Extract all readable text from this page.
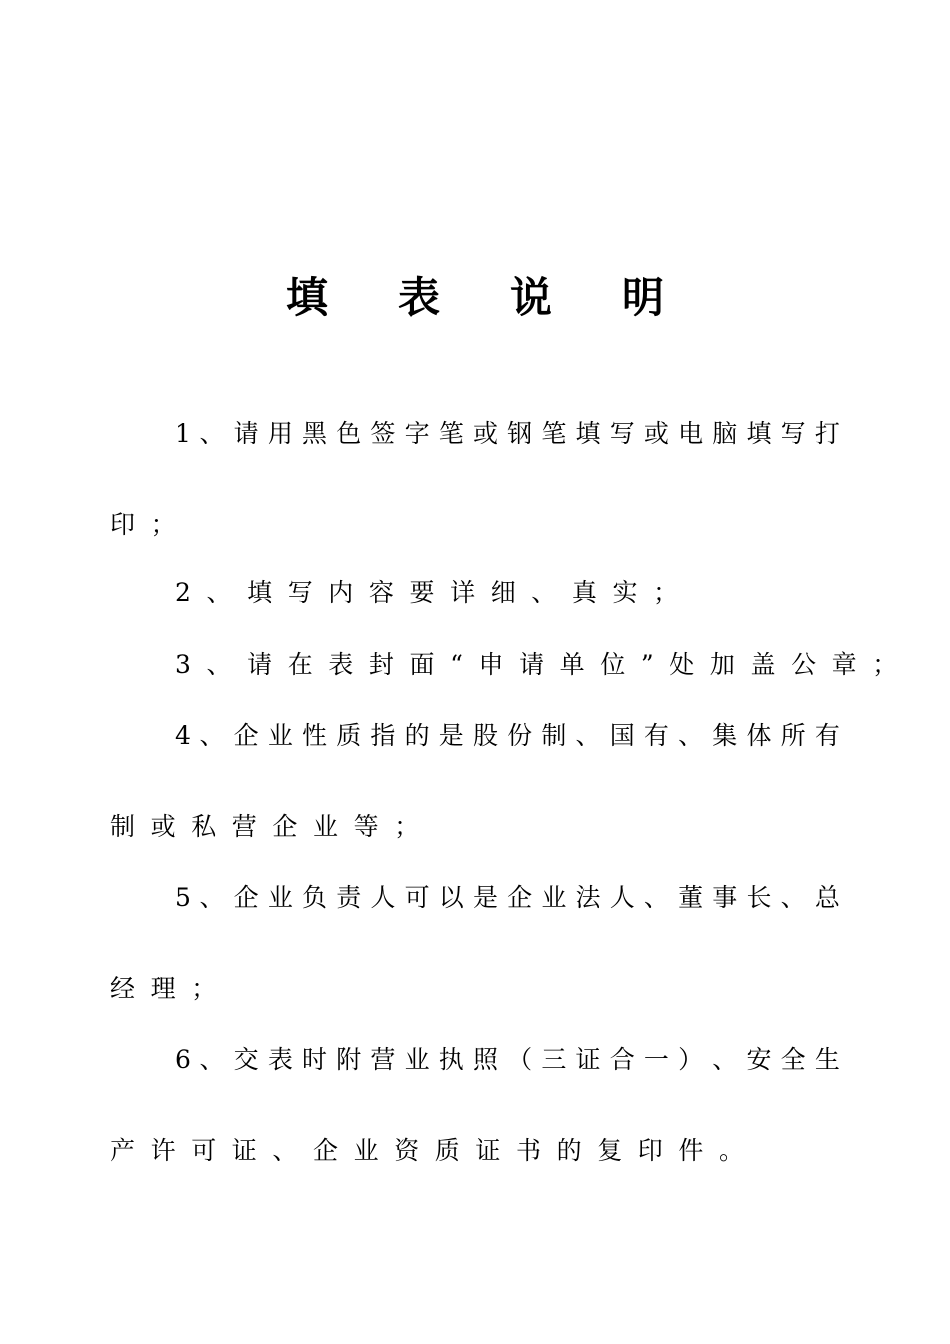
填表说明
1 、 请 用 黑 色 签 字 笔 或 钢 笔 填 写 或 电 脑 填 写 打
印；
2、填写内容要详细、真实；
3、请在表封面“申请单位”处加盖公章；
4 、 企 业 性 质 指 的 是 股 份 制 、 国 有 、 集 体 所 有
制或私营企业等；
5 、 企 业 负 责 人 可 以 是 企 业 法 人 、 董 事 长 、 总
经理；
6 、 交 表 时 附 营 业 执 照 （ 三 证 合 一 ） 、 安 全 生
产许可证、企业资质证书的复印件。
